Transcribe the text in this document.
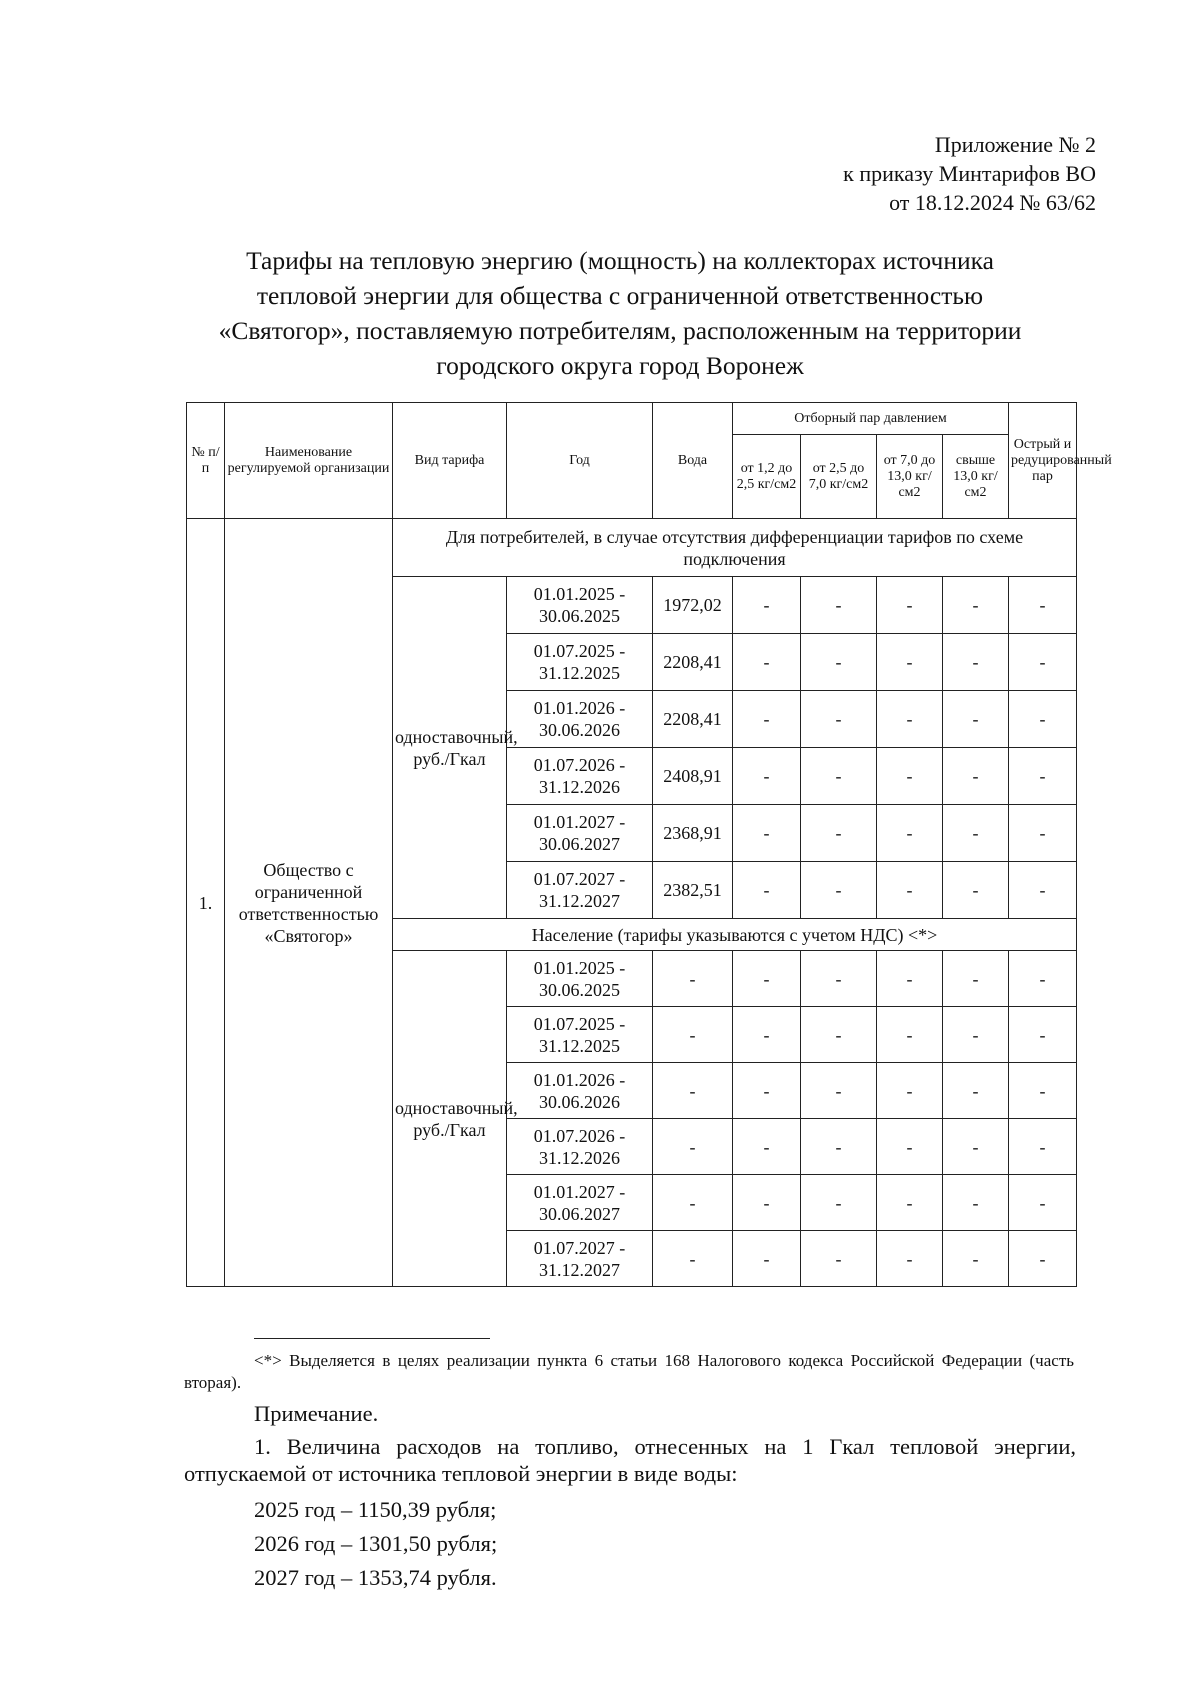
Приложение № 2
к приказу Минтарифов ВО
от 18.12.2024 № 63/62
Тарифы на тепловую энергию (мощность) на коллекторах источника
тепловой энергии для общества с ограниченной ответственностью
«Святогор», поставляемую потребителям, расположенным на территории
городского округа город Воронеж
№ п/п	Наименование регулируемой организации	Вид тарифа	Год	Вода	Отборный пар давлением				Острый и редуцированный пар
					от 1,2 до 2,5 кг/см2	от 2,5 до 7,0 кг/см2	от 7,0 до 13,0 кг/см2	свыше 13,0 кг/см2	
1.	Общество с ограниченной ответственностью «Святогор»	Для потребителей, в случае отсутствия дифференциации тарифов по схеме подключения							
		одноставочный, руб./Гкал	01.01.2025 - 30.06.2025	1972,02	-	-	-	-	-
			01.07.2025 - 31.12.2025	2208,41	-	-	-	-	-
			01.01.2026 - 30.06.2026	2208,41	-	-	-	-	-
			01.07.2026 - 31.12.2026	2408,91	-	-	-	-	-
			01.01.2027 - 30.06.2027	2368,91	-	-	-	-	-
			01.07.2027 - 31.12.2027	2382,51	-	-	-	-	-
		Население (тарифы указываются с учетом НДС) <*>							
		одноставочный, руб./Гкал	01.01.2025 - 30.06.2025	-	-	-	-	-	-
			01.07.2025 - 31.12.2025	-	-	-	-	-	-
			01.01.2026 - 30.06.2026	-	-	-	-	-	-
			01.07.2026 - 31.12.2026	-	-	-	-	-	-
			01.01.2027 - 30.06.2027	-	-	-	-	-	-
			01.07.2027 - 31.12.2027	-	-	-	-	-	-
<*> Выделяется в целях реализации пункта 6 статьи 168 Налогового кодекса Российской Федерации (часть вторая).
Примечание.
1. Величина расходов на топливо, отнесенных на 1 Гкал тепловой энергии, отпускаемой от источника тепловой энергии в виде воды:
2025 год – 1150,39 рубля;
2026 год – 1301,50 рубля;
2027 год – 1353,74 рубля.
